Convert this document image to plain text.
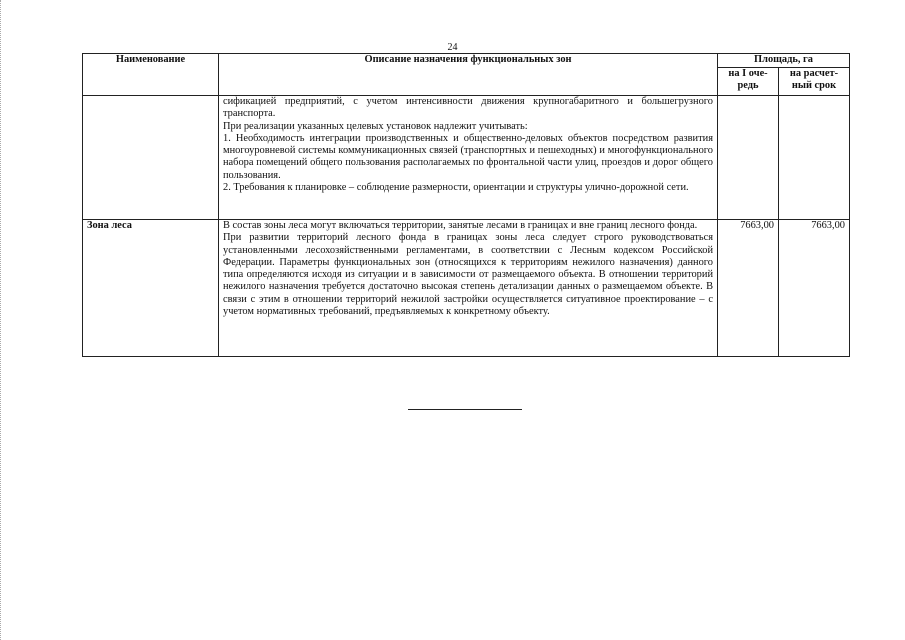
24
Наименование	Описание назначения функциональных зон	Площадь, га	
		на I оче-редь	на расчет-ный срок

	сификацией предприятий, с учетом интенсивности движения крупногабаритного и большегрузного транспорта.
При реализации указанных целевых установок надлежит учитывать:
1. Необходимость интеграции производственных и общественно-деловых объектов посредством развития многоуровневой системы коммуникационных связей (транспортных и пешеходных) и многофункционального набора помещений общего пользования располагаемых по фронтальной части улиц, проездов и дорог общего пользования.
2. Требования к планировке – соблюдение размерности, ориентации и структуры улично-дорожной сети.		

Зона леса	В состав зоны леса могут включаться территории, занятые лесами в границах и вне границ лесного фонда.
При развитии территорий лесного фонда в границах зоны леса следует строго руководствоваться установленными лесохозяйственными регламентами, в соответствии с Лесным кодексом Российской Федерации. Параметры функциональных зон (относящихся к территориям нежилого назначения) данного типа определяются исходя из ситуации и в зависимости от размещаемого объекта. В отношении территорий нежилого назначения требуется достаточно высокая степень детализации данных о размещаемом объекте. В связи с этим в отношении территорий нежилой застройки осуществляется ситуативное проектирование – с учетом нормативных требований, предъявляемых к конкретному объекту.	7663,00	7663,00
